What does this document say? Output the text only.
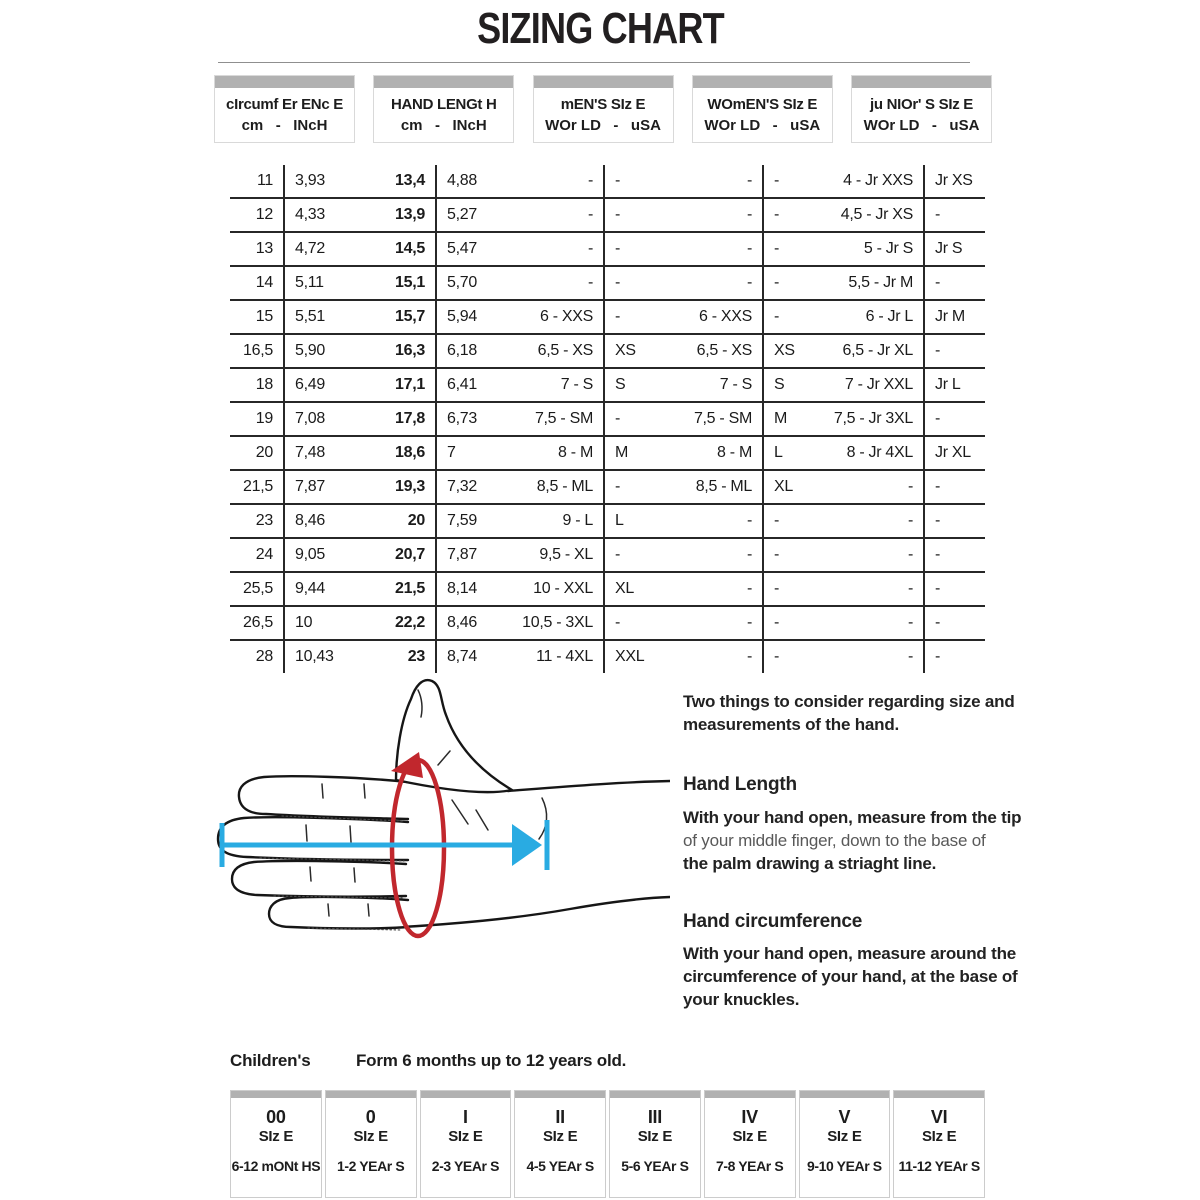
SIZING CHART
cIrcumf Er ENc E
cm   -   INcH
HAND LENGt H
cm   -   INcH
mEN'S SIz E
WOr LD   -   uSA
WOmEN'S SIz E
WOr LD   -   uSA
ju NIOr' S SIz E
WOr LD   -   uSA
11	3,93	13,4	4,88	-	-	-	-	4 - Jr XXS	Jr XS
12	4,33	13,9	5,27	-	-	-	-	4,5 - Jr XS	-
13	4,72	14,5	5,47	-	-	-	-	5 - Jr S	Jr S
14	5,11	15,1	5,70	-	-	-	-	5,5 - Jr M	-
15	5,51	15,7	5,94	6 - XXS	-	6 - XXS	-	6 - Jr L	Jr M
16,5	5,90	16,3	6,18	6,5 - XS	XS	6,5 - XS	XS	6,5 - Jr XL	-
18	6,49	17,1	6,41	7 - S	S	7 - S	S	7 - Jr XXL	Jr L
19	7,08	17,8	6,73	7,5 - SM	-	7,5 - SM	M	7,5 - Jr 3XL	-
20	7,48	18,6	7	8 - M	M	8 - M	L	8 - Jr 4XL	Jr XL
21,5	7,87	19,3	7,32	8,5 - ML	-	8,5 - ML	XL	-	-
23	8,46	20	7,59	9 - L	L	-	-	-	-
24	9,05	20,7	7,87	9,5 - XL	-	-	-	-	-
25,5	9,44	21,5	8,14	10 - XXL	XL	-	-	-	-
26,5	10	22,2	8,46	10,5 - 3XL	-	-	-	-	-
28	10,43	23	8,74	11 - 4XL	XXL	-	-	-	-
Two things to consider regarding size and
measurements of the hand.
Hand Length
With your hand open, measure from the tip
of your middle finger, down to the base of
the palm drawing a striaght line.
Hand circumference
With your hand open, measure around the
circumference of your hand, at the base of
your knuckles.
Children's	Form 6 months up to 12 years old.
00
SIz E
6-12 mONt HS
0
SIz E
1-2 YEAr S
I
SIz E
2-3 YEAr S
II
SIz E
4-5 YEAr S
III
SIz E
5-6 YEAr S
IV
SIz E
7-8 YEAr S
V
SIz E
9-10 YEAr S
VI
SIz E
11-12 YEAr S
